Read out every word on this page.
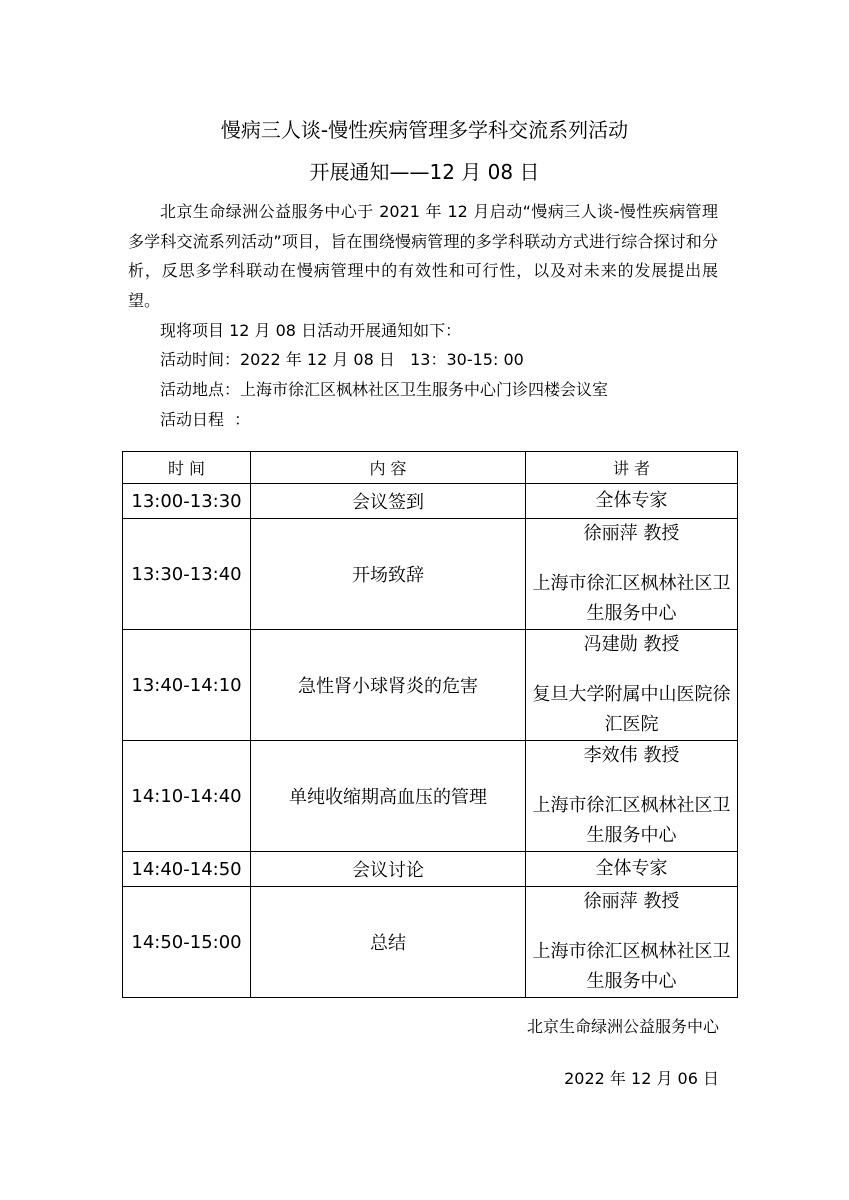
慢病三人谈-慢性疾病管理多学科交流系列活动
开展通知——12 月 08 日
北京生命绿洲公益服务中心于 2021 年 12 月启动“慢病三人谈-慢性疾病管理多学科交流系列活动”项目，旨在围绕慢病管理的多学科联动方式进行综合探讨和分析，反思多学科联动在慢病管理中的有效性和可行性，以及对未来的发展提出展望。
现将项目 12 月 08 日活动开展通知如下：
活动时间：2022 年 12 月 08 日   13：30-15: 00
活动地点：上海市徐汇区枫林社区卫生服务中心门诊四楼会议室
活动日程  ：
时 间	内 容	讲 者
13:00-13:30	会议签到	全体专家

13:30-13:40	开场致辞	徐丽萍 教授
上海市徐汇区枫林社区卫生服务中心

13:40-14:10	急性肾小球肾炎的危害	冯建勋 教授
复旦大学附属中山医院徐汇医院

14:10-14:40	单纯收缩期高血压的管理	李效伟 教授
上海市徐汇区枫林社区卫生服务中心

14:40-14:50	会议讨论	全体专家

14:50-15:00	总结	徐丽萍 教授
上海市徐汇区枫林社区卫生服务中心
北京生命绿洲公益服务中心
2022 年 12 月 06 日
